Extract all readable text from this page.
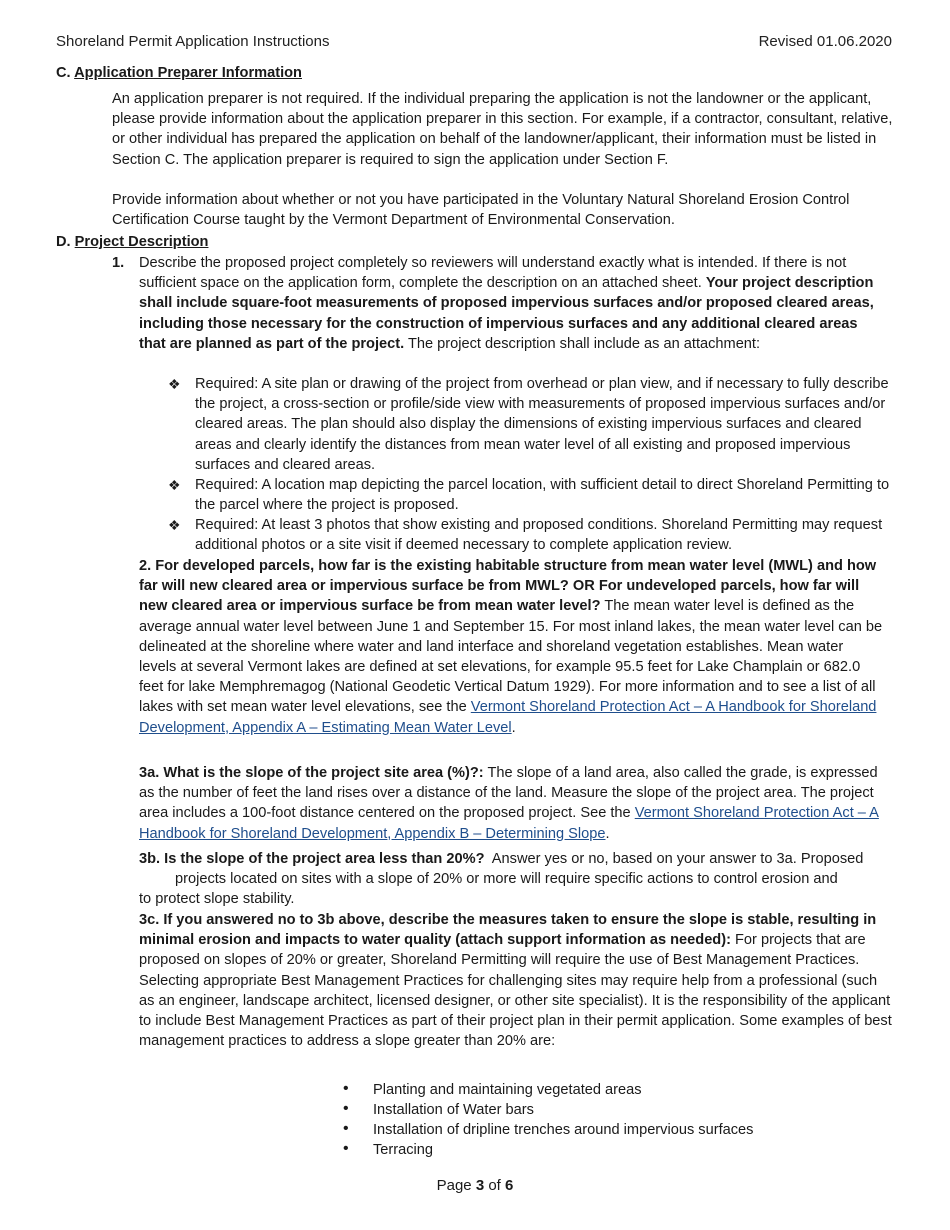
Shoreland Permit Application Instructions	Revised 01.06.2020
C. Application Preparer Information

An application preparer is not required. If the individual preparing the application is not the landowner or the applicant, please provide information about the application preparer in this section. For example, if a contractor, consultant, relative, or other individual has prepared the application on behalf of the landowner/applicant, their information must be listed in Section C. The application preparer is required to sign the application under Section F.

Provide information about whether or not you have participated in the Voluntary Natural Shoreland Erosion Control Certification Course taught by the Vermont Department of Environmental Conservation.

D. Project Description
1. Describe the proposed project completely so reviewers will understand exactly what is intended. If there is not sufficient space on the application form, complete the description on an attached sheet. Your project description shall include square-foot measurements of proposed impervious surfaces and/or proposed cleared areas, including those necessary for the construction of impervious surfaces and any additional cleared areas that are planned as part of the project. The project description shall include as an attachment:

❖ Required: A site plan or drawing of the project from overhead or plan view, and if necessary to fully describe the project, a cross-section or profile/side view with measurements of proposed impervious surfaces and/or cleared areas. The plan should also display the dimensions of existing impervious surfaces and cleared areas and clearly identify the distances from mean water level of all existing and proposed impervious surfaces and cleared areas.

❖ Required: A location map depicting the parcel location, with sufficient detail to direct Shoreland Permitting to the parcel where the project is proposed.

❖ Required: At least 3 photos that show existing and proposed conditions. Shoreland Permitting may request additional photos or a site visit if deemed necessary to complete application review.

2. For developed parcels, how far is the existing habitable structure from mean water level (MWL) and how far will new cleared area or impervious surface be from MWL? OR For undeveloped parcels, how far will new cleared area or impervious surface be from mean water level? The mean water level is defined as the average annual water level between June 1 and September 15. For most inland lakes, the mean water level can be delineated at the shoreline where water and land interface and shoreland vegetation establishes. Mean water levels at several Vermont lakes are defined at set elevations, for example 95.5 feet for Lake Champlain or 682.0 feet for lake Memphremagog (National Geodetic Vertical Datum 1929). For more information and to see a list of all lakes with set mean water level elevations, see the Vermont Shoreland Protection Act – A Handbook for Shoreland Development, Appendix A – Estimating Mean Water Level.

3a. What is the slope of the project site area (%)?: The slope of a land area, also called the grade, is expressed as the number of feet the land rises over a distance of the land. Measure the slope of the project area. The project area includes a 100-foot distance centered on the proposed project. See the Vermont Shoreland Protection Act – A Handbook for Shoreland Development, Appendix B – Determining Slope.

3b. Is the slope of the project area less than 20%?  Answer yes or no, based on your answer to 3a. Proposed

projects located on sites with a slope of 20% or more will require specific actions to control erosion and

to protect slope stability.

3c. If you answered no to 3b above, describe the measures taken to ensure the slope is stable, resulting in minimal erosion and impacts to water quality (attach support information as needed): For projects that are proposed on slopes of 20% or greater, Shoreland Permitting will require the use of Best Management Practices. Selecting appropriate Best Management Practices for challenging sites may require help from a professional (such as an engineer, landscape architect, licensed designer, or other site specialist). It is the responsibility of the applicant to include Best Management Practices as part of their project plan in their permit application. Some examples of best management practices to address a slope greater than 20% are:

• Planting and maintaining vegetated areas

• Installation of Water bars

• Installation of dripline trenches around impervious surfaces

• Terracing

Page 3 of 6
